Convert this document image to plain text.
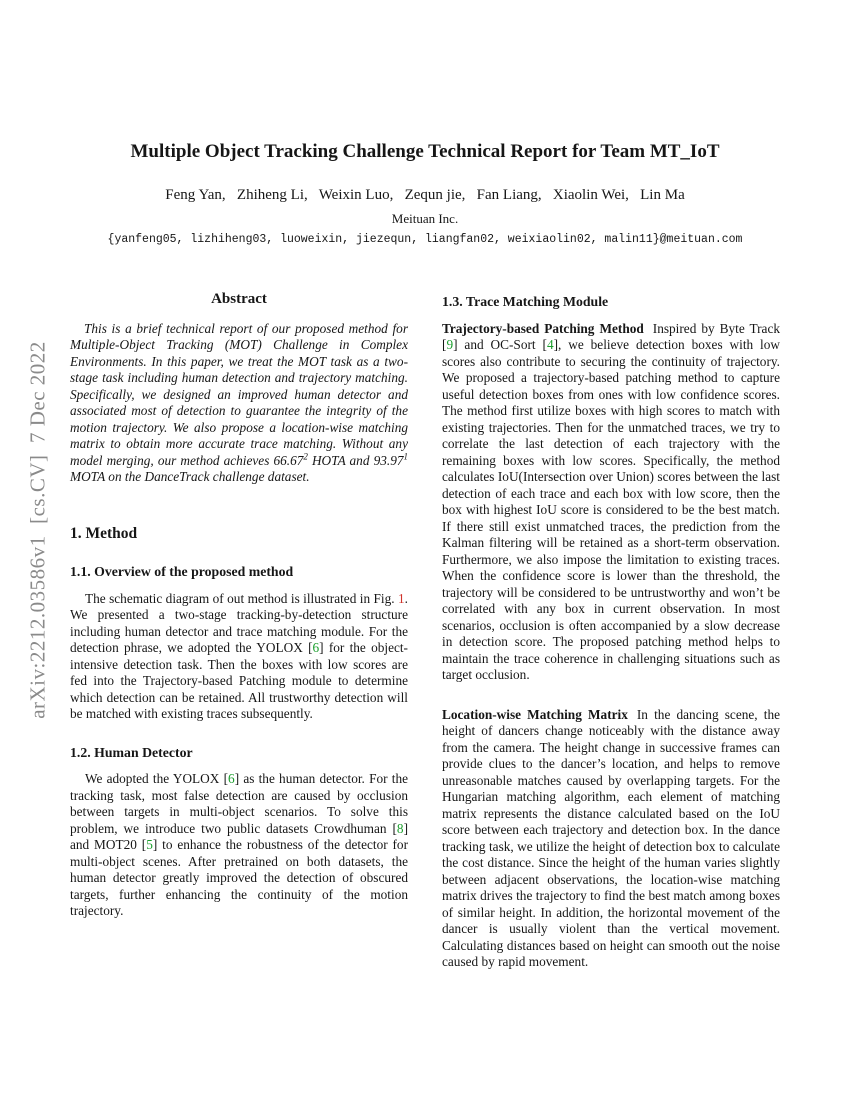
arXiv:2212.03586v1  [cs.CV]  7 Dec 2022
Multiple Object Tracking Challenge Technical Report for Team MT_IoT
Feng Yan,   Zhiheng Li,   Weixin Luo,   Zequn jie,   Fan Liang,   Xiaolin Wei,   Lin Ma
Meituan Inc.
{yanfeng05, lizhiheng03, luoweixin, jiezequn, liangfan02, weixiaolin02, malin11}@meituan.com
Abstract

This is a brief technical report of our proposed method for Multiple-Object Tracking (MOT) Challenge in Complex Environments. In this paper, we treat the MOT task as a two-stage task including human detection and trajectory matching. Specifically, we designed an improved human detector and associated most of detection to guarantee the integrity of the motion trajectory. We also propose a location-wise matching matrix to obtain more accurate trace matching. Without any model merging, our method achieves 66.67$^2$ HOTA and 93.97$^1$ MOTA on the DanceTrack challenge dataset.

1. Method
1.1. Overview of the proposed method

The schematic diagram of out method is illustrated in Fig. 1. We presented a two-stage tracking-by-detection structure including human detector and trace matching module. For the detection phrase, we adopted the YOLOX [6] for the object-intensive detection task. Then the boxes with low scores are fed into the Trajectory-based Patching module to determine which detection can be retained. All trustworthy detection will be matched with existing traces subsequently.

1.2. Human Detector

We adopted the YOLOX [6] as the human detector. For the tracking task, most false detection are caused by occlusion between targets in multi-object scenarios. To solve this problem, we introduce two public datasets Crowdhuman [8] and MOT20 [5] to enhance the robustness of the detector for multi-object scenes. After pretrained on both datasets, the human detector greatly improved the detection of obscured targets, further enhancing the continuity of the motion trajectory.

1.3. Trace Matching Module

Trajectory-based Patching Method Inspired by Byte Track [9] and OC-Sort [4], we believe detection boxes with low scores also contribute to securing the continuity of trajectory. We proposed a trajectory-based patching method to capture useful detection boxes from ones with low confidence scores. The method first utilize boxes with high scores to match with existing trajectories. Then for the unmatched traces, we try to correlate the last detection of each trajectory with the remaining boxes with low scores. Specifically, the method calculates IoU(Intersection over Union) scores between the last detection of each trace and each box with low score, then the box with highest IoU score is considered to be the best match. If there still exist unmatched traces, the prediction from the Kalman filtering will be retained as a short-term observation. Furthermore, we also impose the limitation to existing traces. When the confidence score is lower than the threshold, the trajectory will be considered to be untrustworthy and won’t be correlated with any box in current observation. In most scenarios, occlusion is often accompanied by a slow decrease in detection score. The proposed patching method helps to maintain the trace coherence in challenging situations such as target occlusion.

Location-wise Matching Matrix In the dancing scene, the height of dancers change noticeably with the distance away from the camera. The height change in successive frames can provide clues to the dancer’s location, and helps to remove unreasonable matches caused by overlapping targets. For the Hungarian matching algorithm, each element of matching matrix represents the distance calculated based on the IoU score between each trajectory and detection box. In the dance tracking task, we utilize the height of detection box to calculate the cost distance. Since the height of the human varies slightly between adjacent observations, the location-wise matching matrix drives the trajectory to find the best match among boxes of similar height. In addition, the horizontal movement of the dancer is usually violent than the vertical movement. Calculating distances based on height can smooth out the noise caused by rapid movement.
